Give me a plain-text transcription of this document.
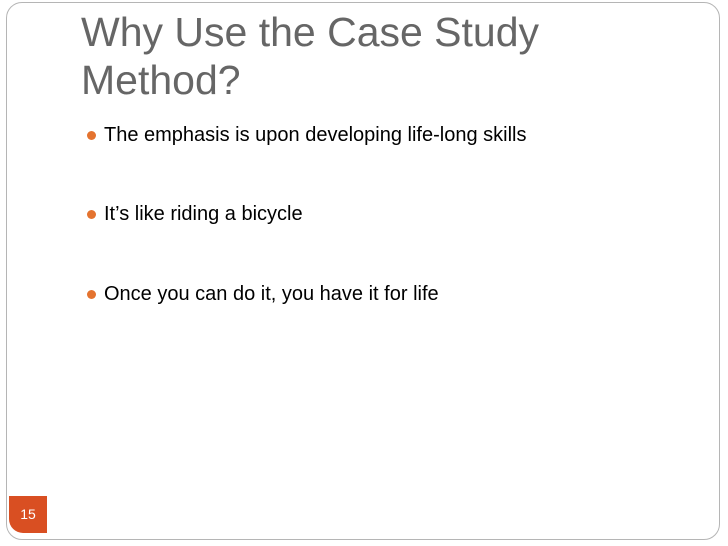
Why Use the Case Study
Method?
The emphasis is upon developing life-long skills
It’s like riding a bicycle
Once you can do it, you have it for life
15
